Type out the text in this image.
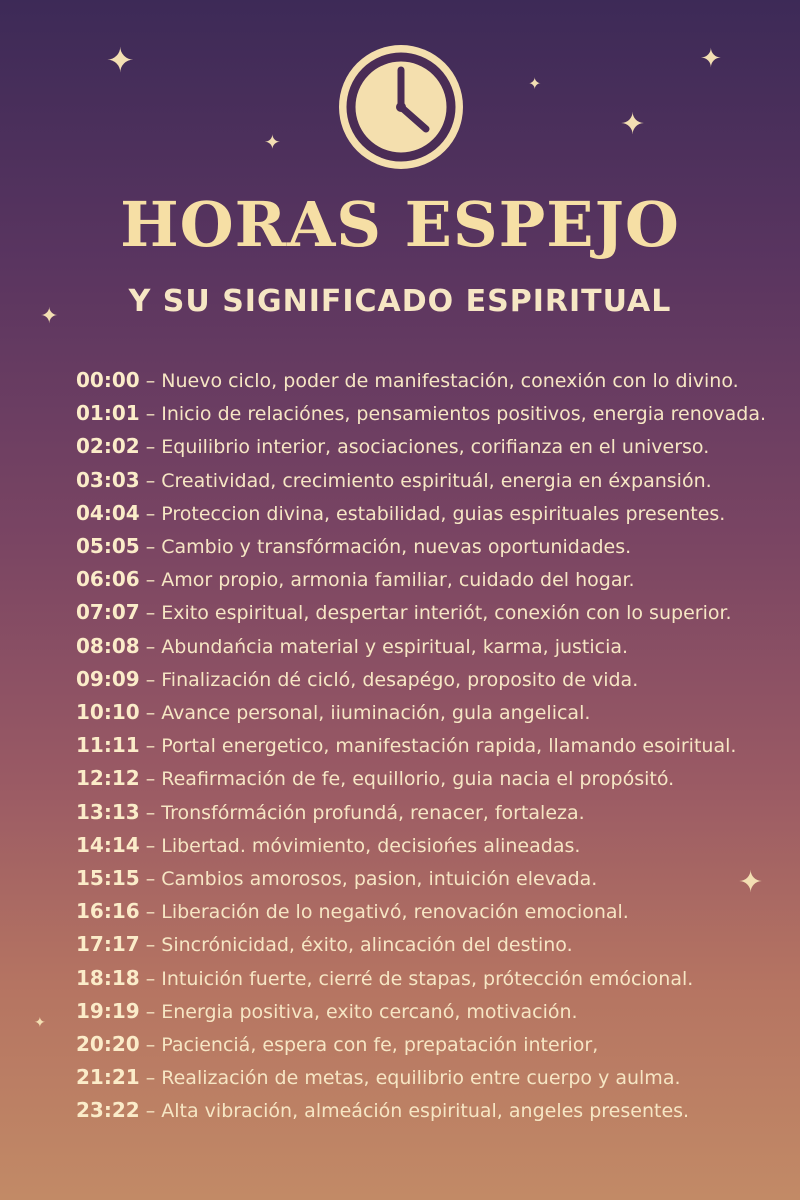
✦	✦
✦
✦
✦
✦
✦
✦
HORAS ESPEJO
Y SU SIGNIFICADO ESPIRITUAL
00:00 – Nuevo ciclo, poder de manifestación, conexión con lo divino.
01:01 – Inicio de relaciónes, pensamientos positivos, energia renovada.
02:02 – Equilibrio interior, asociaciones, corifianza en el universo.
03:03 – Creatividad, crecimiento espirituál, energia en éxpansión.
04:04 – Proteccion divina, estabilidad, guias espirituales presentes.
05:05 – Cambio y transfórmación, nuevas oportunidades.
06:06 – Amor propio, armonia familiar, cuidado del hogar.
07:07 – Exito espiritual, despertar interiót, conexión con lo superior.
08:08 – Abundańcia material y espiritual, karma, justicia.
09:09 – Finalización dé cicló, desapégo, proposito de vida.
10:10 – Avance personal, iiuminación, gula angelical.
11:11 – Portal energetico, manifestación rapida, llamando esoiritual.
12:12 – Reafirmación de fe, equillorio, guia nacia el propósitó.
13:13 – Tronsfórmáción profundá, renacer, fortaleza.
14:14 – Libertad. móvimiento, decisiońes alineadas.
15:15 – Cambios amorosos, pasion, intuición elevada.
16:16 – Liberación de lo negativó, renovación emocional.
17:17 – Sincrónicidad, éxito, alincación del destino.
18:18 – Intuición fuerte, cierré de stapas, prótección emócional.
19:19 – Energia positiva, exito cercanó, motivación.
20:20 – Pacienciá, espera con fe, prepatación interior,
21:21 – Realización de metas, equilibrio entre cuerpo y aulma.
23:22 – Alta vibración, almeáción espiritual, angeles presentes.
